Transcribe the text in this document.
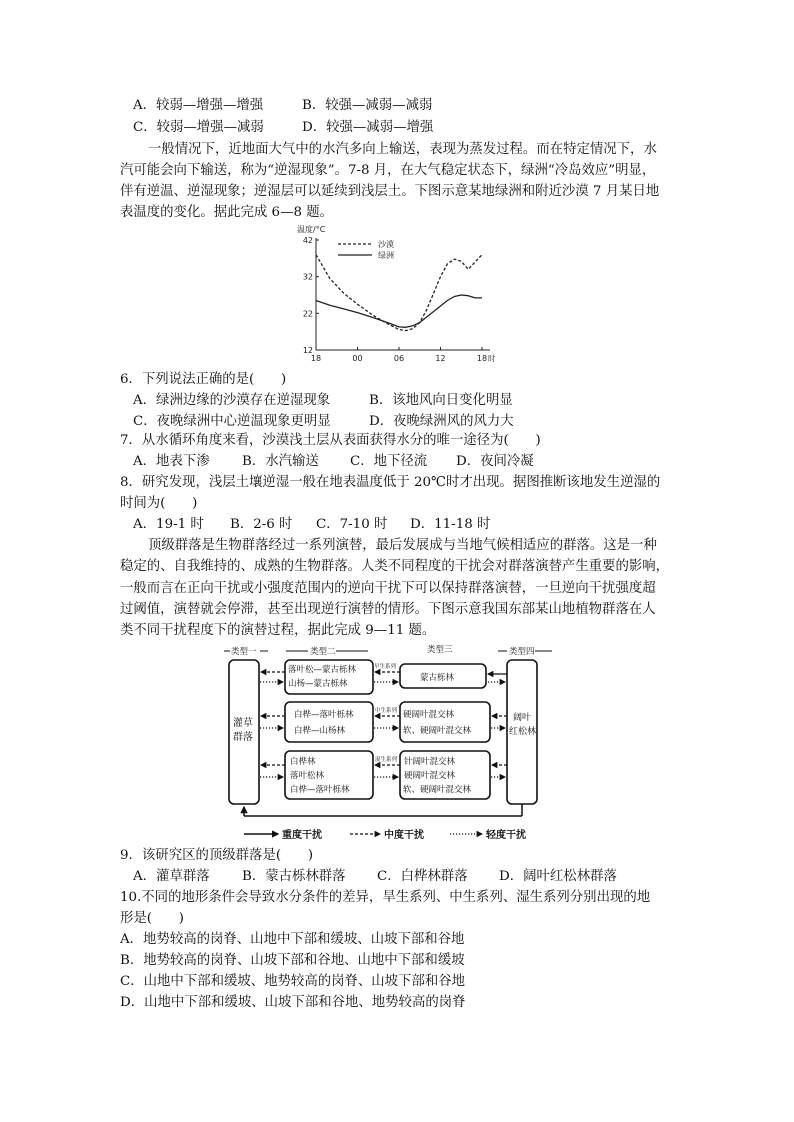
A．较弱—增强—增强	B．较强—减弱—减弱
C．较弱—增强—减弱	D．较强—减弱—增强
一般情况下，近地面大气中的水汽多向上输送，表现为蒸发过程。而在特定情况下，水
汽可能会向下输送，称为“逆湿现象”。7-8 月，在大气稳定状态下，绿洲“冷岛效应”明显，
伴有逆温、逆湿现象；逆湿层可以延续到浅层土。下图示意某地绿洲和附近沙漠 7 月某日地
表温度的变化。据此完成 6—8 题。
温度/°C
42
32
22
12
18	00	06	12	18 时
沙漠
绿洲
6．下列说法正确的是(　　)
A．绿洲边缘的沙漠存在逆湿现象	B．该地风向日变化明显
C．夜晚绿洲中心逆温现象更明显	D．夜晚绿洲风的风力大
7．从水循环角度来看，沙漠浅土层从表面获得水分的唯一途径为(　　)
A．地表下渗 B．水汽输送 C．地下径流 D．夜间冷凝
8．研究发现，浅层土壤逆湿一般在地表温度低于 20℃时才出现。据图推断该地发生逆湿的
时间为(　　)
A．19-1 时 B．2-6 时 C．7-10 时 D．11-18 时
顶级群落是生物群落经过一系列演替，最后发展成与当地气候相适应的群落。这是一种
稳定的、自我维持的、成熟的生物群落。人类不同程度的干扰会对群落演替产生重要的影响，
一般而言在正向干扰或小强度范围内的逆向干扰下可以保持群落演替，一旦逆向干扰强度超
过阈值，演替就会停滞，甚至出现逆行演替的情形。下图示意我国东部某山地植物群落在人
类不同干扰程度下的演替过程，据此完成 9—11 题。
类型一	类型二	类型三	类型四
灌草
群落
阔叶
红松林
落叶松—蒙古栎林
山杨—蒙古栎林
白桦—落叶栎林
白桦—山杨林
白桦林
落叶松林
白桦—落叶栎林
蒙古栎林
硬阔叶混交林
软、硬阔叶混交林
针阔叶混交林
硬阔叶混交林
软、硬阔叶混交林
早生系列
中生系列
湿生系列
重度干扰	中度干扰	轻度干扰
9．该研究区的顶级群落是(　　)
A．灌草群落 B．蒙古栎林群落 C．白桦林群落 D．阔叶红松林群落
10.不同的地形条件会导致水分条件的差异，旱生系列、中生系列、湿生系列分别出现的地
形是(　　)
A．地势较高的岗脊、山地中下部和缓坡、山坡下部和谷地
B．地势较高的岗脊、山坡下部和谷地、山地中下部和缓坡
C．山地中下部和缓坡、地势较高的岗脊、山坡下部和谷地
D．山地中下部和缓坡、山坡下部和谷地、地势较高的岗脊
